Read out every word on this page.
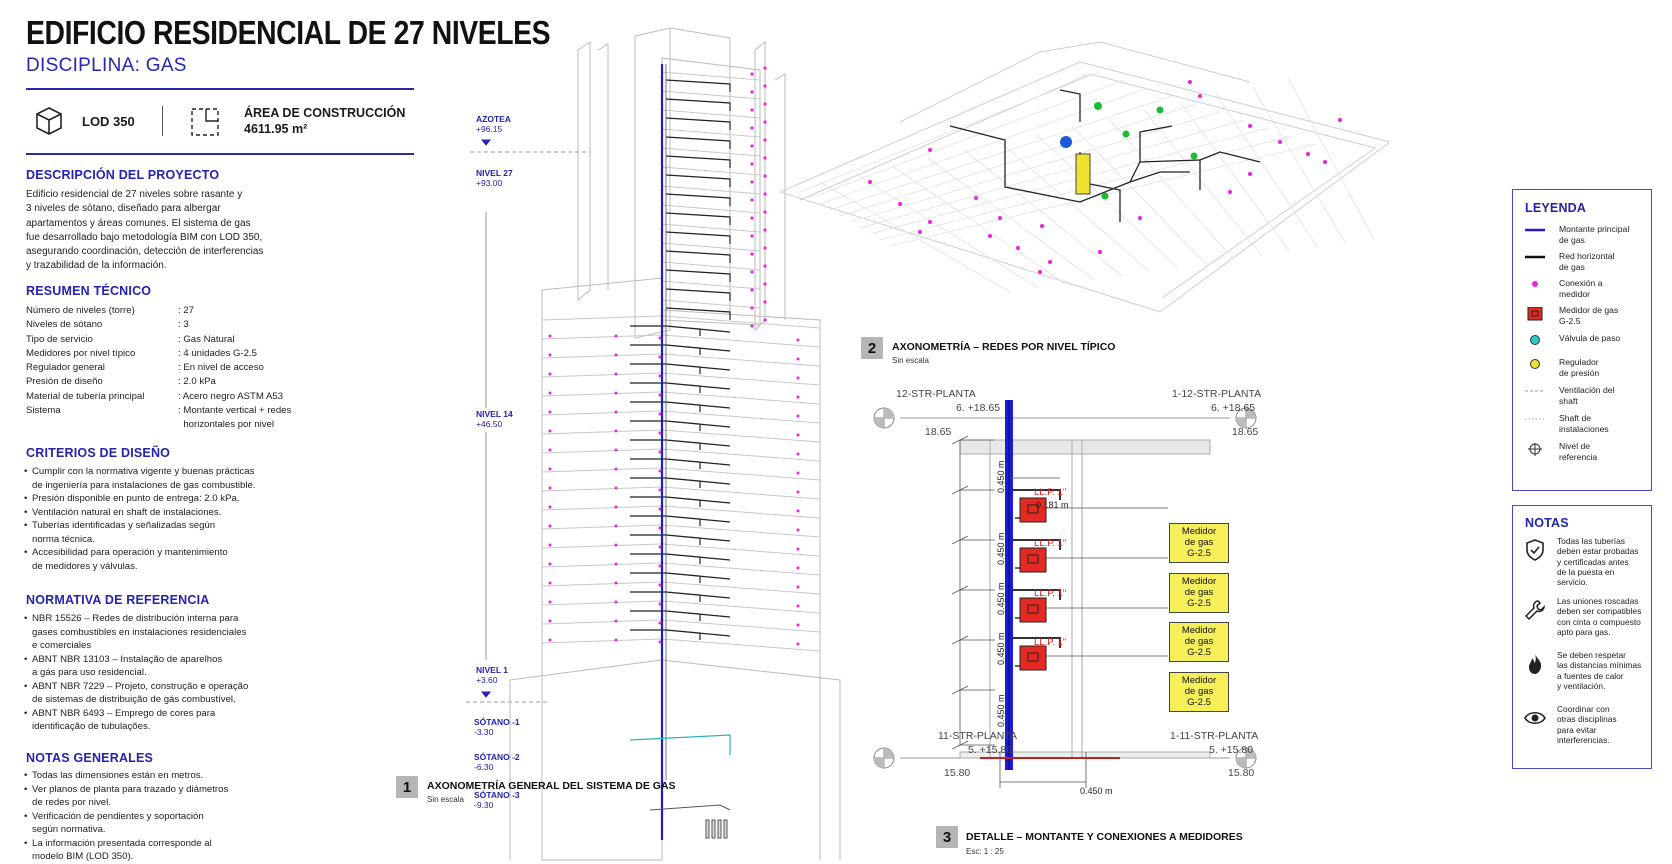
EDIFICIO RESIDENCIAL DE 27 NIVELES
DISCIPLINA: GAS
LOD 350
ÁREA DE CONSTRUCCIÓN
4611.95 m²
DESCRIPCIÓN DEL PROYECTO
Edificio residencial de 27 niveles sobre rasante y
3 niveles de sótano, diseñado para albergar
apartamentos y áreas comunes. El sistema de gas
fue desarrollado bajo metodología BIM con LOD 350,
asegurando coordinación, detección de interferencias
y trazabilidad de la información.
RESUMEN TÉCNICO
Número de niveles (torre)	: 27
Niveles de sótano	: 3
Tipo de servicio	: Gas Natural
Medidores por nivel típico	: 4 unidades G-2.5
Regulador general	: En nivel de acceso
Presión de diseño	: 2.0 kPa
Material de tubería principal	: Acero negro ASTM A53
Sistema	: Montante vertical + redes
horizontales por nivel
CRITERIOS DE DISEÑO
• Cumplir con la normativa vigente y buenas prácticas
de ingeniería para instalaciones de gas combustible.
• Presión disponible en punto de entrega: 2.0 kPa.
• Ventilación natural en shaft de instalaciones.
• Tuberías identificadas y señalizadas según
norma técnica.
• Accesibilidad para operación y mantenimiento
de medidores y válvulas.
NORMATIVA DE REFERENCIA
• NBR 15526 – Redes de distribución interna para
gases combustibles en instalaciones residenciales
e comerciales
• ABNT NBR 13103 – Instalação de aparelhos
a gás para uso residencial.
• ABNT NBR 7229 – Projeto, construção e operação
de sistemas de distribuição de gás combustível.
• ABNT NBR 6493 – Emprego de cores para
identificação de tubulações.
NOTAS GENERALES
• Todas las dimensiones están en metros.
• Ver planos de planta para trazado y diámetros
de redes por nivel.
• Verificación de pendientes y soportación
según normativa.
• La información presentada corresponde al
modelo BIM (LOD 350).
AZOTEA
+96.15
NIVEL 27
+93.00
NIVEL 14
+46.50
NIVEL 1
+3.60
SÓTANO -1
-3.30
SÓTANO -2
-6.30
SÓTANO -3
-9.30
1	AXONOMETRÍA GENERAL DEL SISTEMA DE GAS
Sin escala
2	AXONOMETRÍA – REDES POR NIVEL TÍPICO
Sin escala
12-STR-PLANTA
6. +18.65
1-12-STR-PLANTA
6. +18.65
18.65	18.65
11-STR-PLANTA
5. +15.80
1-11-STR-PLANTA
5. +15.80
15.80	15.80
0.181 m
0.450 m
0.450 m
0.450 m
0.450 m
0.450 m
0.450 m
LL.P. 1"
LL.P. 1"
LL.P. 1"
LL.P. 1"
Medidor
de gas
G-2.5
Medidor
de gas
G-2.5
Medidor
de gas
G-2.5
Medidor
de gas
G-2.5
3	DETALLE – MONTANTE Y CONEXIONES A MEDIDORES
Esc: 1 : 25
LEYENDA
Montante principal
de gas
Red horizontal
de gas
Conexión a
medidor
Medidor de gas
G-2.5
Válvula de paso
Regulador
de presión
Ventilación del
shaft
Shaft de
instalaciones
Nivel de
referencia
NOTAS
Todas las tuberías
deben estar probadas
y certificadas antes
de la puesta en
servicio.
Las uniones roscadas
deben ser compatibles
con cinta o compuesto
apto para gas.
Se deben respetar
las distancias mínimas
a fuentes de calor
y ventilación.
Coordinar con
otras disciplinas
para evitar
interferencias.
